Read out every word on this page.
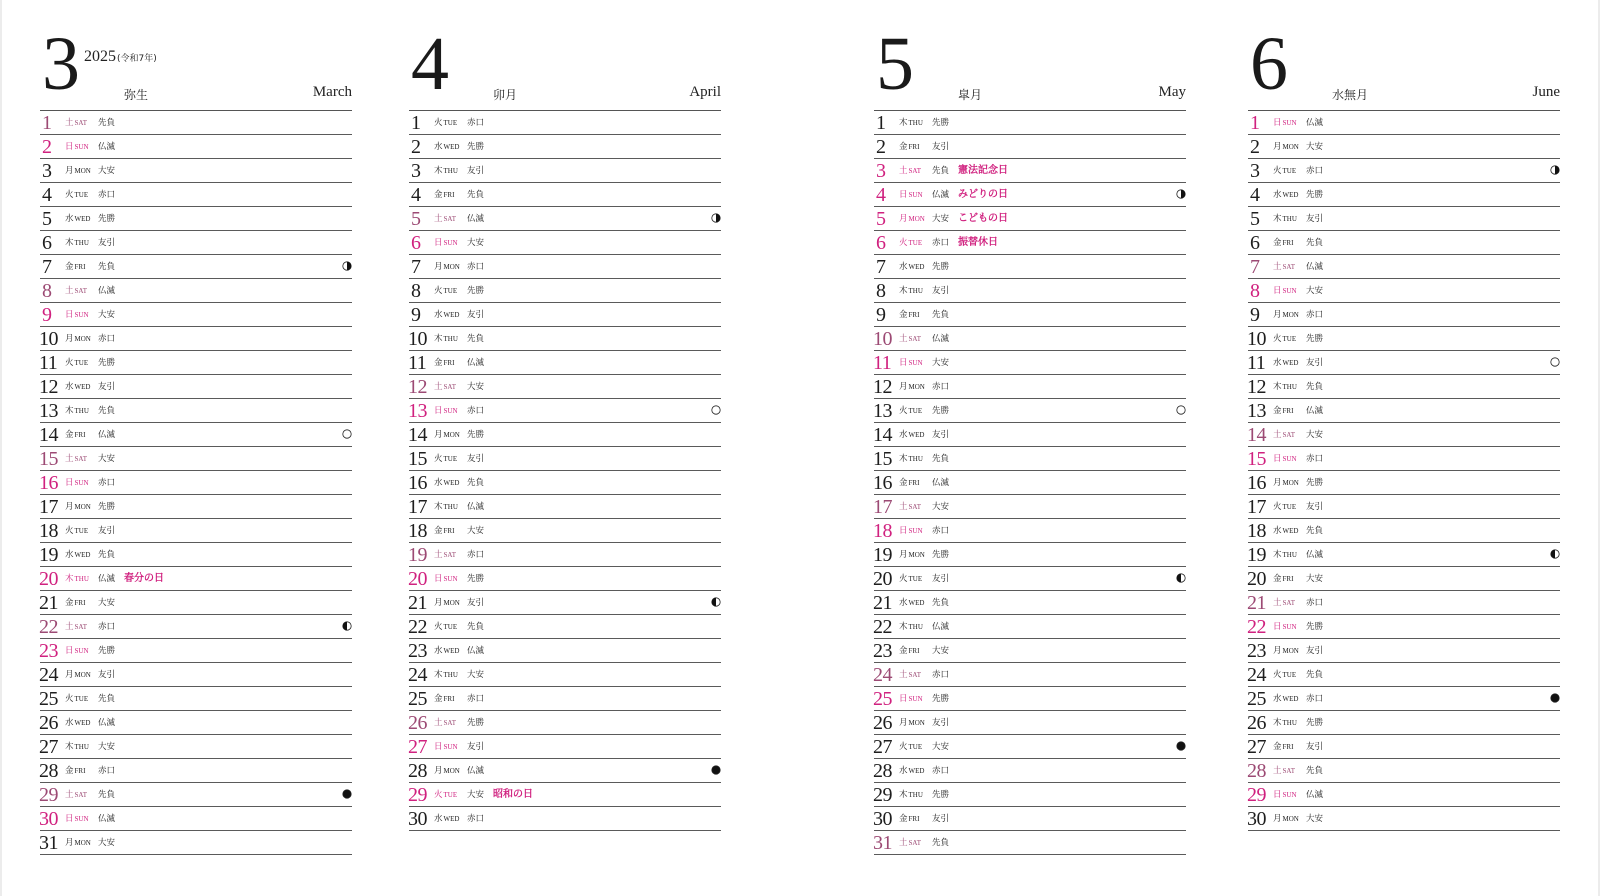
3 2025(令和7年)
弥生	March
1 土SAT 先負
2 日SUN 仏滅
3 月MON 大安
4 火TUE 赤口
5 水WED 先勝
6 木THU 友引
7 金FRI 先負
8 土SAT 仏滅
9 日SUN 大安
10 月MON 赤口
11 火TUE 先勝
12 水WED 友引
13 木THU 先負
14 金FRI 仏滅
15 土SAT 大安
16 日SUN 赤口
17 月MON 先勝
18 火TUE 友引
19 水WED 先負
20 木THU 仏滅 春分の日
21 金FRI 大安
22 土SAT 赤口
23 日SUN 先勝
24 月MON 友引
25 火TUE 先負
26 水WED 仏滅
27 木THU 大安
28 金FRI 赤口
29 土SAT 先負
30 日SUN 仏滅
31 月MON 大安
4	卯月	April
1 火TUE 赤口
2 水WED 先勝
3 木THU 友引
4 金FRI 先負
5 土SAT 仏滅
6 日SUN 大安
7 月MON 赤口
8 火TUE 先勝
9 水WED 友引
10 木THU 先負
11 金FRI 仏滅
12 土SAT 大安
13 日SUN 赤口
14 月MON 先勝
15 火TUE 友引
16 水WED 先負
17 木THU 仏滅
18 金FRI 大安
19 土SAT 赤口
20 日SUN 先勝
21 月MON 友引
22 火TUE 先負
23 水WED 仏滅
24 木THU 大安
25 金FRI 赤口
26 土SAT 先勝
27 日SUN 友引
28 月MON 仏滅
29 火TUE 大安 昭和の日
30 水WED 赤口
5	皐月	May
1 木THU 先勝
2 金FRI 友引
3 土SAT 先負 憲法記念日
4 日SUN 仏滅 みどりの日
5 月MON 大安 こどもの日
6 火TUE 赤口 振替休日
7 水WED 先勝
8 木THU 友引
9 金FRI 先負
10 土SAT 仏滅
11 日SUN 大安
12 月MON 赤口
13 火TUE 先勝
14 水WED 友引
15 木THU 先負
16 金FRI 仏滅
17 土SAT 大安
18 日SUN 赤口
19 月MON 先勝
20 火TUE 友引
21 水WED 先負
22 木THU 仏滅
23 金FRI 大安
24 土SAT 赤口
25 日SUN 先勝
26 月MON 友引
27 火TUE 大安
28 水WED 赤口
29 木THU 先勝
30 金FRI 友引
31 土SAT 先負
6	水無月	June
1 日SUN 仏滅
2 月MON 大安
3 火TUE 赤口
4 水WED 先勝
5 木THU 友引
6 金FRI 先負
7 土SAT 仏滅
8 日SUN 大安
9 月MON 赤口
10 火TUE 先勝
11 水WED 友引
12 木THU 先負
13 金FRI 仏滅
14 土SAT 大安
15 日SUN 赤口
16 月MON 先勝
17 火TUE 友引
18 水WED 先負
19 木THU 仏滅
20 金FRI 大安
21 土SAT 赤口
22 日SUN 先勝
23 月MON 友引
24 火TUE 先負
25 水WED 赤口
26 木THU 先勝
27 金FRI 友引
28 土SAT 先負
29 日SUN 仏滅
30 月MON 大安
